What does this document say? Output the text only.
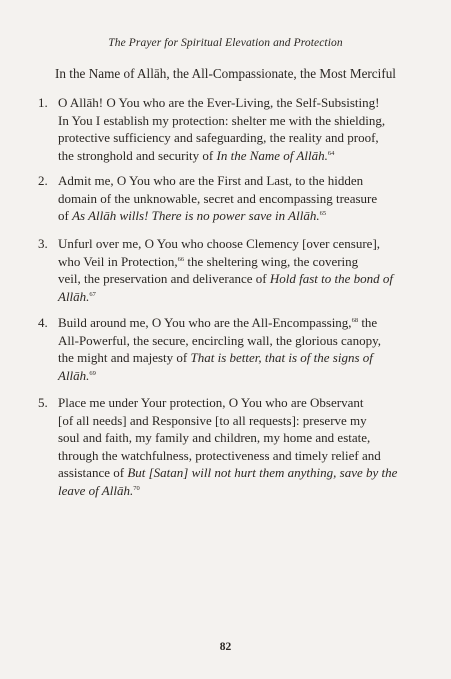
The Prayer for Spiritual Elevation and Protection
In the Name of Allāh, the All-Compassionate, the Most Merciful
1. O Allāh! O You who are the Ever-Living, the Self-Subsisting!
In You I establish my protection: shelter me with the shielding,
protective sufficiency and safeguarding, the reality and proof,
the stronghold and security of In the Name of Allāh.$^{64}$
2. Admit me, O You who are the First and Last, to the hidden
domain of the unknowable, secret and encompassing treasure
of As Allāh wills! There is no power save in Allāh.$^{65}$
3. Unfurl over me, O You who choose Clemency [over censure],
who Veil in Protection,$^{66}$ the sheltering wing, the covering
veil, the preservation and deliverance of Hold fast to the bond of
Allāh.$^{67}$
4. Build around me, O You who are the All-Encompassing,$^{68}$ the
All-Powerful, the secure, encircling wall, the glorious canopy,
the might and majesty of That is better, that is of the signs of
Allāh.$^{69}$
5. Place me under Your protection, O You who are Observant
[of all needs] and Responsive [to all requests]: preserve my
soul and faith, my family and children, my home and estate,
through the watchfulness, protectiveness and timely relief and
assistance of But [Satan] will not hurt them anything, save by the
leave of Allāh.$^{70}$
82
